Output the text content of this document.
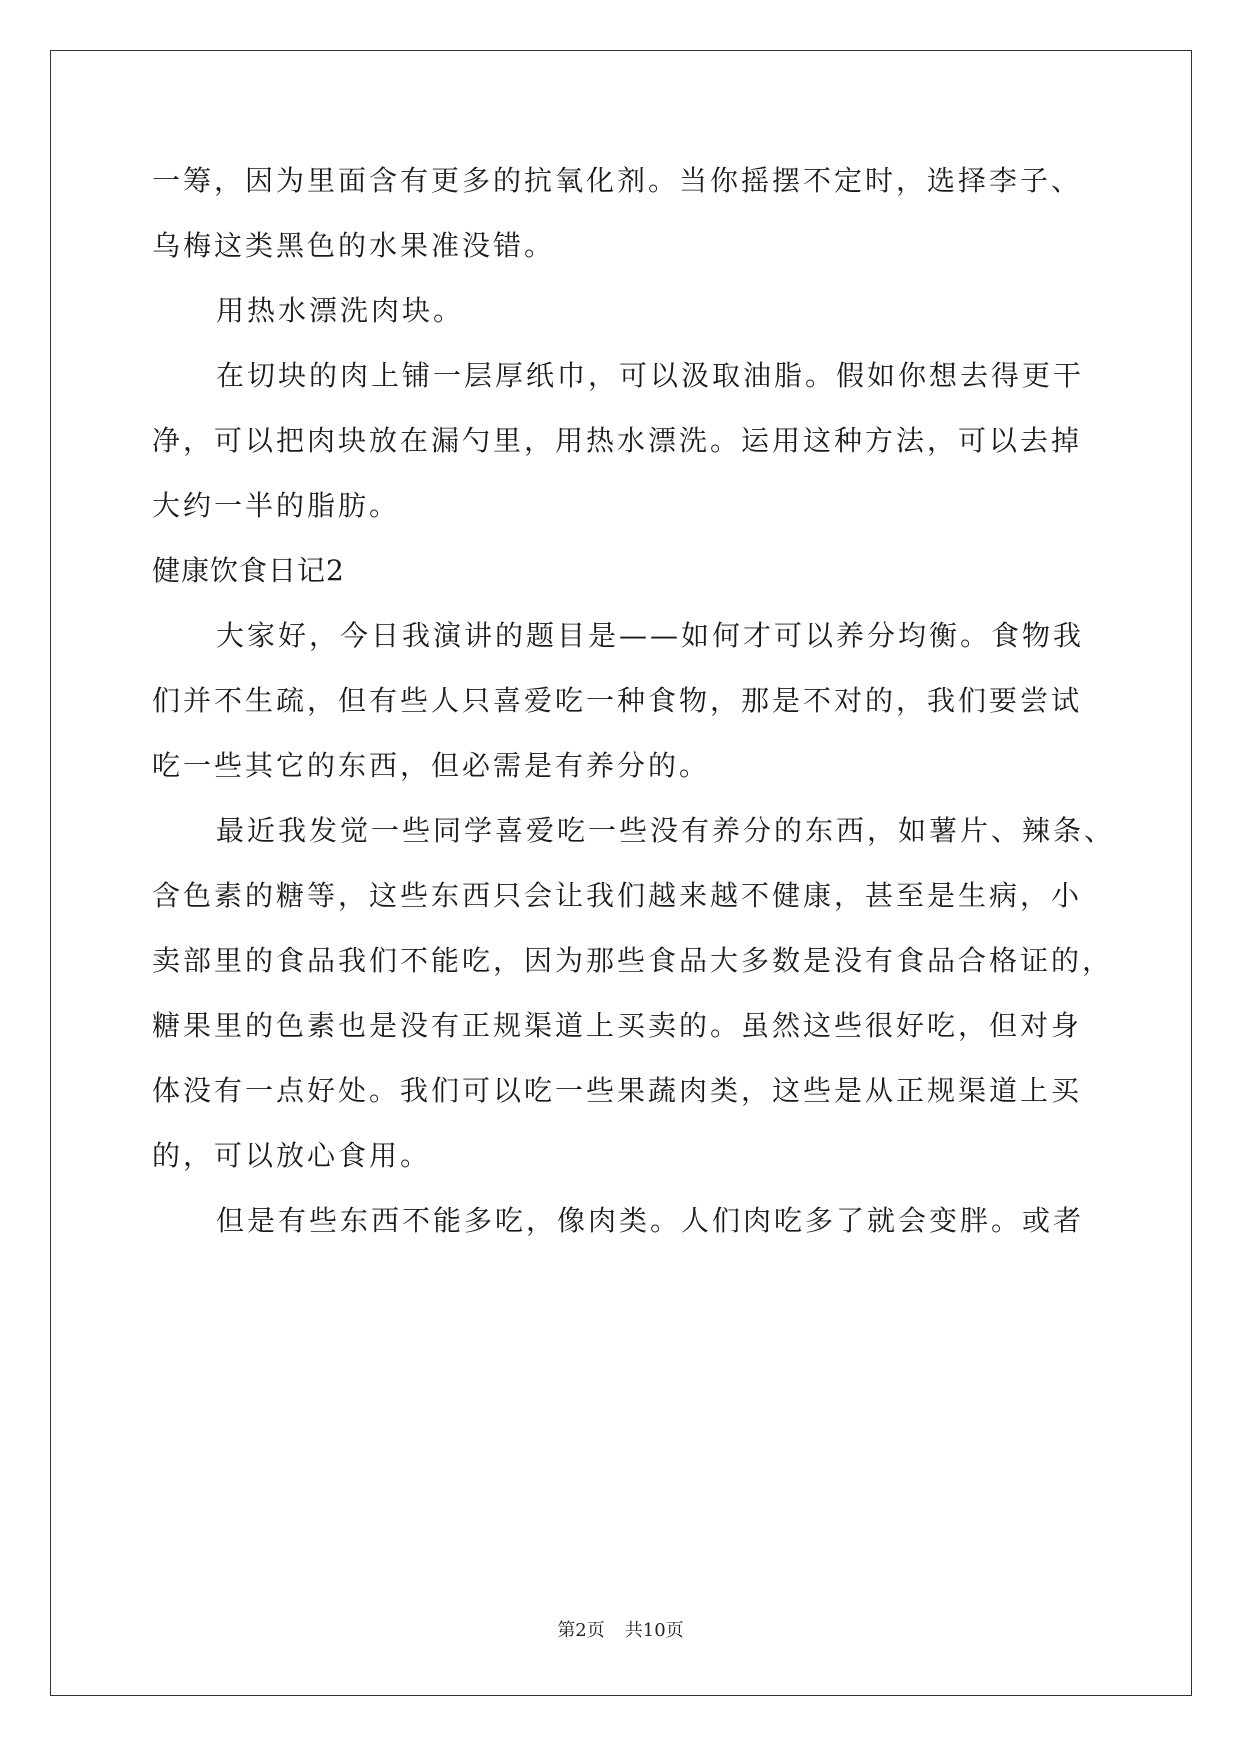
一筹，因为里面含有更多的抗氧化剂。当你摇摆不定时，选择李子、
乌梅这类黑色的水果准没错。
用热水漂洗肉块。
在切块的肉上铺一层厚纸巾，可以汲取油脂。假如你想去得更干
净，可以把肉块放在漏勺里，用热水漂洗。运用这种方法，可以去掉
大约一半的脂肪。
健康饮食日记2
大家好，今日我演讲的题目是——如何才可以养分均衡。食物我
们并不生疏，但有些人只喜爱吃一种食物，那是不对的，我们要尝试
吃一些其它的东西，但必需是有养分的。
最近我发觉一些同学喜爱吃一些没有养分的东西，如薯片、辣条、
含色素的糖等，这些东西只会让我们越来越不健康，甚至是生病，小
卖部里的食品我们不能吃，因为那些食品大多数是没有食品合格证的，
糖果里的色素也是没有正规渠道上买卖的。虽然这些很好吃，但对身
体没有一点好处。我们可以吃一些果蔬肉类，这些是从正规渠道上买
的，可以放心食用。
但是有些东西不能多吃，像肉类。人们肉吃多了就会变胖。或者
第2页 共10页
